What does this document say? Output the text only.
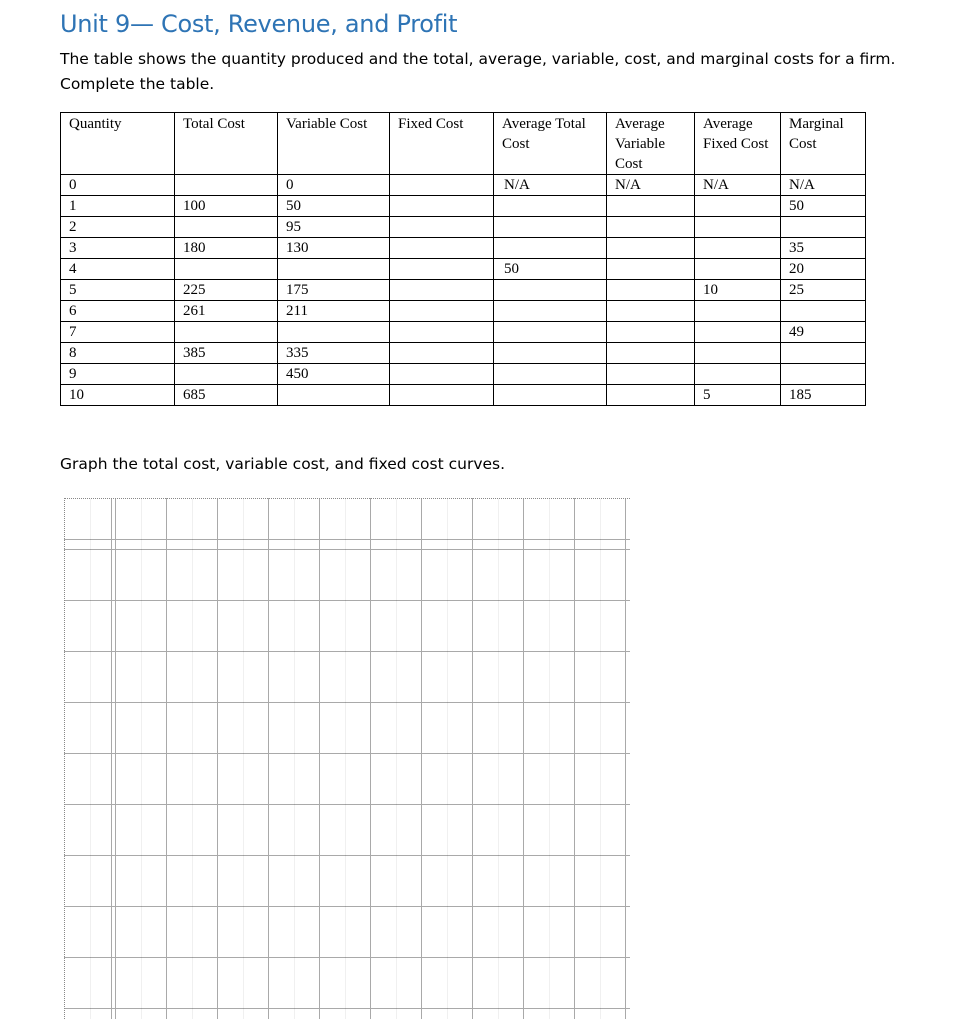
Unit 9— Cost, Revenue, and Profit

The table shows the quantity produced and the total, average, variable, cost, and marginal costs for a firm. Complete the table.

Quantity	Total Cost	Variable Cost	Fixed Cost	Average Total Cost	Average Variable Cost	Average Fixed Cost	Marginal Cost
0		0		N/A	N/A	N/A	N/A
1	100	50					50
2		95					
3	180	130					35
4				50			20
5	225	175				10	25
6	261	211					
7							49
8	385	335					
9		450					
10	685					5	185

Graph the total cost, variable cost, and fixed cost curves.
